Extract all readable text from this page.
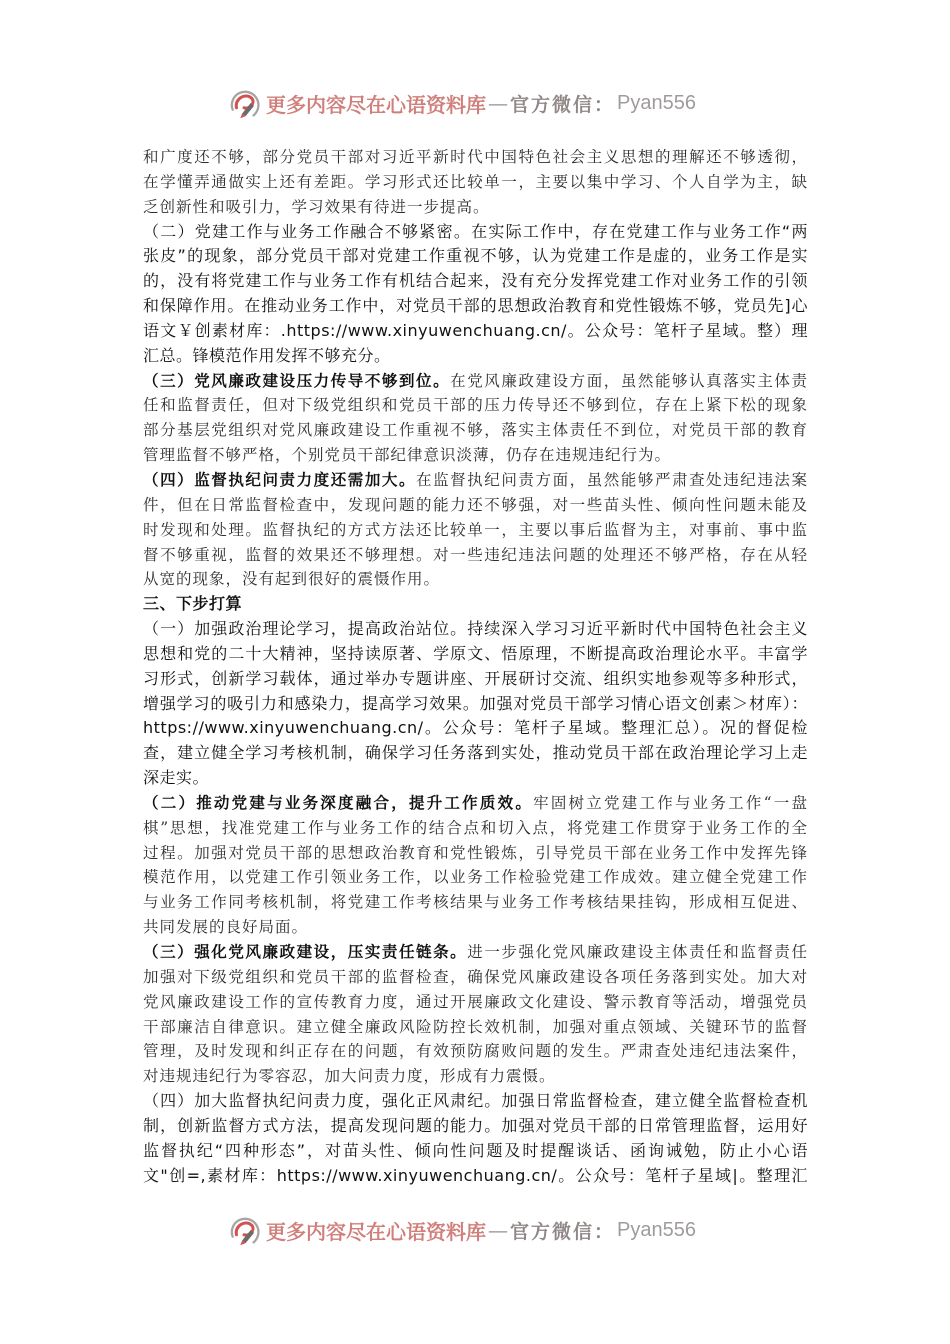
更多内容尽在心语资料库 — 官方微信： Pyan556
和广度还不够，部分党员干部对习近平新时代中国特色社会主义思想的理解还不够透彻，
在学懂弄通做实上还有差距。学习形式还比较单一，主要以集中学习、个人自学为主，缺
乏创新性和吸引力，学习效果有待进一步提高。
（二）党建工作与业务工作融合不够紧密。在实际工作中，存在党建工作与业务工作“两
张皮”的现象，部分党员干部对党建工作重视不够，认为党建工作是虚的，业务工作是实
的，没有将党建工作与业务工作有机结合起来，没有充分发挥党建工作对业务工作的引领
和保障作用。在推动业务工作中，对党员干部的思想政治教育和党性锻炼不够，党员先]心
语文￥创素材库：.https://www.xinyuwenchuang.cn/。公众号：笔杆子星域。整）理
汇总。锋模范作用发挥不够充分。
（三）党风廉政建设压力传导不够到位。在党风廉政建设方面，虽然能够认真落实主体责
任和监督责任，但对下级党组织和党员干部的压力传导还不够到位，存在上紧下松的现象
部分基层党组织对党风廉政建设工作重视不够，落实主体责任不到位，对党员干部的教育
管理监督不够严格，个别党员干部纪律意识淡薄，仍存在违规违纪行为。
（四）监督执纪问责力度还需加大。在监督执纪问责方面，虽然能够严肃查处违纪违法案
件，但在日常监督检查中，发现问题的能力还不够强，对一些苗头性、倾向性问题未能及
时发现和处理。监督执纪的方式方法还比较单一，主要以事后监督为主，对事前、事中监
督不够重视，监督的效果还不够理想。对一些违纪违法问题的处理还不够严格，存在从轻
从宽的现象，没有起到很好的震慑作用。
三、下步打算
（一）加强政治理论学习，提高政治站位。持续深入学习习近平新时代中国特色社会主义
思想和党的二十大精神，坚持读原著、学原文、悟原理，不断提高政治理论水平。丰富学
习形式，创新学习载体，通过举办专题讲座、开展研讨交流、组织实地参观等多种形式，
增强学习的吸引力和感染力，提高学习效果。加强对党员干部学习情心语文创素＞材库）：
https://www.xinyuwenchuang.cn/。公众号：笔杆子星域。整理汇总）。况的督促检
查，建立健全学习考核机制，确保学习任务落到实处，推动党员干部在政治理论学习上走
深走实。
（二）推动党建与业务深度融合，提升工作质效。牢固树立党建工作与业务工作“一盘
棋”思想，找准党建工作与业务工作的结合点和切入点，将党建工作贯穿于业务工作的全
过程。加强对党员干部的思想政治教育和党性锻炼，引导党员干部在业务工作中发挥先锋
模范作用，以党建工作引领业务工作，以业务工作检验党建工作成效。建立健全党建工作
与业务工作同考核机制，将党建工作考核结果与业务工作考核结果挂钩，形成相互促进、
共同发展的良好局面。
（三）强化党风廉政建设，压实责任链条。进一步强化党风廉政建设主体责任和监督责任
加强对下级党组织和党员干部的监督检查，确保党风廉政建设各项任务落到实处。加大对
党风廉政建设工作的宣传教育力度，通过开展廉政文化建设、警示教育等活动，增强党员
干部廉洁自律意识。建立健全廉政风险防控长效机制，加强对重点领域、关键环节的监督
管理，及时发现和纠正存在的问题，有效预防腐败问题的发生。严肃查处违纪违法案件，
对违规违纪行为零容忍，加大问责力度，形成有力震慑。
（四）加大监督执纪问责力度，强化正风肃纪。加强日常监督检查，建立健全监督检查机
制，创新监督方式方法，提高发现问题的能力。加强对党员干部的日常管理监督，运用好
监督执纪“四种形态”，对苗头性、倾向性问题及时提醒谈话、函询诫勉，防止小心语
文"创=,素材库：https://www.xinyuwenchuang.cn/。公众号：笔杆子星域|。整理汇
更多内容尽在心语资料库 — 官方微信： Pyan556
